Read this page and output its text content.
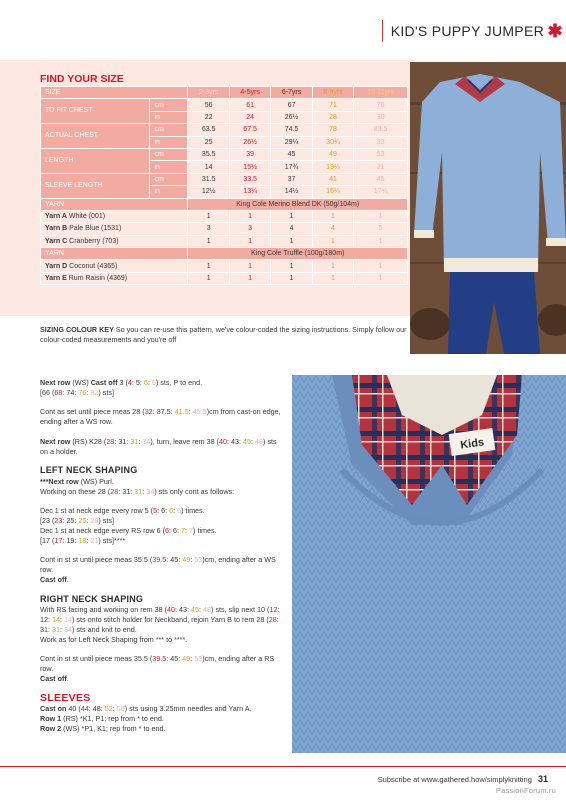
KID'S PUPPY JUMPER ✱
FIND YOUR SIZE
SIZE		2-3yrs	4-5yrs	6-7yrs	8-9yrs	10-11yrs
TO FIT CHEST	cm	56	61	67	71	76
	in	22	24	26½	28	30
ACTUAL CHEST	cm	63.5	67.5	74.5	78	83.5
	in	25	26½	29¼	30¾	33
LENGTH	cm	35.5	39	45	49	53
	in	14	15½	17¾	19¼	21
SLEEVE LENGTH	cm	31.5	33.5	37	41	45
	in	12½	13¼	14½	16¼	17¾
YARN		King Cole Merino Blend DK (50g/104m)				
Yarn A White (001)		1	1	1	1	1
Yarn B Pale Blue (1531)		3	3	4	4	5
Yarn C Cranberry (703)		1	1	1	1	1
YARN		King Cole Truffle (100g/180m)				
Yarn D Coconut (4365)		1	1	1	1	1
Yarn E Rum Raisin (4369)		1	1	1	1	1
SIZING COLOUR KEY So you can re-use this pattern, we've colour-coded the sizing instructions. Simply follow our colour-coded measurements and you're off

Next row (WS) Cast off 3 (4: 5: 6: 6) sts, P to end.

[66 (68: 74: 76: 82) sts]

Cont as set until piece meas 28 (32: 37.5: 41.5: 45.5)cm from cast-on edge, ending after a WS row.

Next row (RS) K28 (28: 31: 31: 34), turn, leave rem 38 (40: 43: 45: 48) sts on a holder.

LEFT NECK SHAPING

***Next row (WS) Purl.

Working on these 28 (28: 31: 31: 34) sts only cont as follows:

Dec 1 st at neck edge every row 5 (5: 6: 6: 6) times.

[23 (23: 25: 25: 28) sts]

Dec 1 st at neck edge every RS row 6 (6: 6: 7: 7) times.

[17 (17: 19: 18: 21) sts]****

Cont in st st until piece meas 35.5 (39.5: 45: 49: 53)cm, ending after a WS row.

Cast off.

RIGHT NECK SHAPING

With RS facing and working on rem 38 (40: 43: 45: 48) sts, slip next 10 (12: 12: 14: 14) sts onto stitch holder for Neckband, rejoin Yarn B to rem 28 (28: 31: 31: 34) sts and knit to end.

Work as for Left Neck Shaping from *** to ****.

Cont in st st until piece meas 35.5 (39.5: 45: 49: 53)cm, ending after a RS row.

Cast off.

SLEEVES

Cast on 40 (44: 48: 52: 56) sts using 3.25mm needles and Yarn A.

Row 1 (RS) *K1, P1; rep from * to end.

Row 2 (WS) *P1, K1; rep from * to end.

Kids
Subscribe at www.gathered.how/simplyknitting 31
PassionForum.ru
